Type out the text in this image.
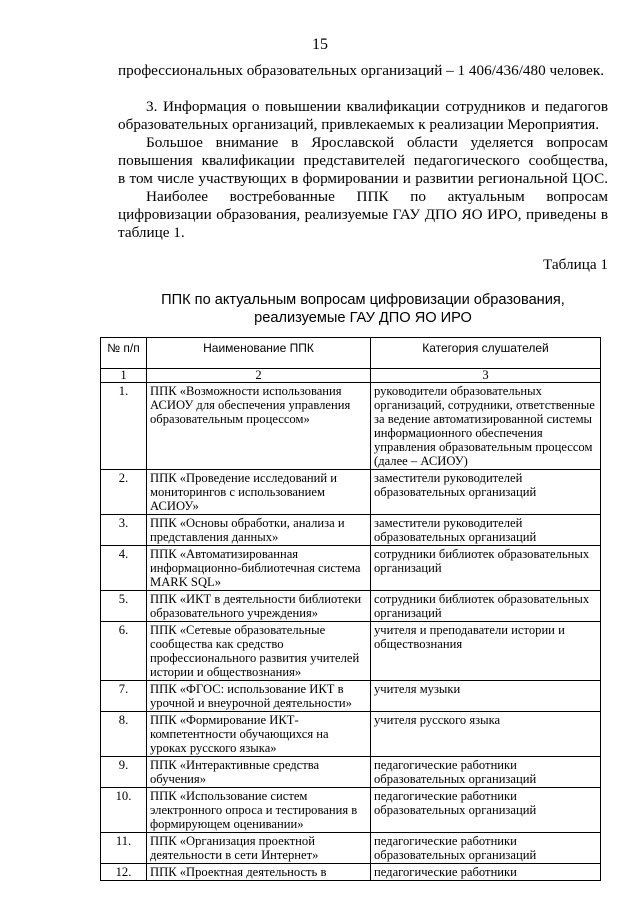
15
профессиональных образовательных организаций – 1 406/436/480 человек.
3. Информация о повышении квалификации сотрудников и педагогов
образовательных организаций, привлекаемых к реализации Мероприятия.
Большое внимание в Ярославской области уделяется вопросам
повышения квалификации представителей педагогического сообщества,
в том числе участвующих в формировании и развитии региональной ЦОС.
Наиболее востребованные ППК по актуальным вопросам
цифровизации образования, реализуемые ГАУ ДПО ЯО ИРО, приведены в
таблице 1.
Таблица 1
ППК по актуальным вопросам цифровизации образования,
реализуемые ГАУ ДПО ЯО ИРО
№ п/п	Наименование ППК	Категория слушателей
1	2	3
1.	ППК «Возможности использования АСИОУ для обеспечения управления образовательным процессом»	руководители образовательных организаций, сотрудники, ответственные за ведение автоматизированной системы информационного обеспечения управления образовательным процессом (далее – АСИОУ)
2.	ППК «Проведение исследований и мониторингов с использованием АСИОУ»	заместители руководителей образовательных организаций
3.	ППК «Основы обработки, анализа и представления данных»	заместители руководителей образовательных организаций
4.	ППК «Автоматизированная информационно-библиотечная система MARK SQL»	сотрудники библиотек образовательных организаций
5.	ППК «ИКТ в деятельности библиотеки образовательного учреждения»	сотрудники библиотек образовательных организаций
6.	ППК «Сетевые образовательные сообщества как средство профессионального развития учителей истории и обществознания»	учителя и преподаватели истории и обществознания
7.	ППК «ФГОС: использование ИКТ в урочной и внеурочной деятельности»	учителя музыки
8.	ППК «Формирование ИКТ-компетентности обучающихся на уроках русского языка»	учителя русского языка
9.	ППК «Интерактивные средства обучения»	педагогические работники образовательных организаций
10.	ППК «Использование систем электронного опроса и тестирования в формирующем оценивании»	педагогические работники образовательных организаций
11.	ППК «Организация проектной деятельности в сети Интернет»	педагогические работники образовательных организаций
12.	ППК «Проектная деятельность в	педагогические работники
